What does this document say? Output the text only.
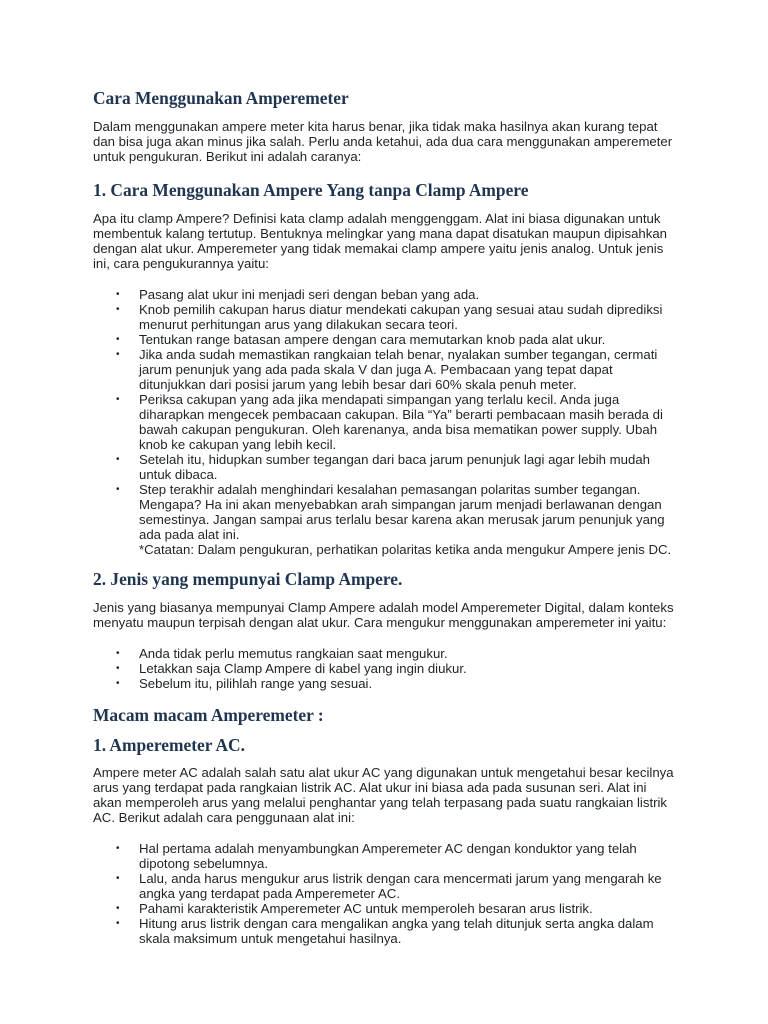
Cara Menggunakan Amperemeter

Dalam menggunakan ampere meter kita harus benar, jika tidak maka hasilnya akan kurang tepat dan bisa juga akan minus jika salah. Perlu anda ketahui, ada dua cara menggunakan amperemeter untuk pengukuran. Berikut ini adalah caranya:

1. Cara Menggunakan Ampere Yang tanpa Clamp Ampere

Apa itu clamp Ampere? Definisi kata clamp adalah menggenggam. Alat ini biasa digunakan untuk membentuk kalang tertutup. Bentuknya melingkar yang mana dapat disatukan maupun dipisahkan dengan alat ukur. Amperemeter yang tidak memakai clamp ampere yaitu jenis analog. Untuk jenis ini, cara pengukurannya yaitu:

• Pasang alat ukur ini menjadi seri dengan beban yang ada.
• Knob pemilih cakupan harus diatur mendekati cakupan yang sesuai atau sudah diprediksi menurut perhitungan arus yang dilakukan secara teori.
• Tentukan range batasan ampere dengan cara memutarkan knob pada alat ukur.
• Jika anda sudah memastikan rangkaian telah benar, nyalakan sumber tegangan, cermati jarum penunjuk yang ada pada skala V dan juga A. Pembacaan yang tepat dapat ditunjukkan dari posisi jarum yang lebih besar dari 60% skala penuh meter.
• Periksa cakupan yang ada jika mendapati simpangan yang terlalu kecil. Anda juga diharapkan mengecek pembacaan cakupan. Bila “Ya” berarti pembacaan masih berada di bawah cakupan pengukuran. Oleh karenanya, anda bisa mematikan power supply. Ubah knob ke cakupan yang lebih kecil.
• Setelah itu, hidupkan sumber tegangan dari baca jarum penunjuk lagi agar lebih mudah untuk dibaca.
• Step terakhir adalah menghindari kesalahan pemasangan polaritas sumber tegangan. Mengapa? Ha ini akan menyebabkan arah simpangan jarum menjadi berlawanan dengan semestinya. Jangan sampai arus terlalu besar karena akan merusak jarum penunjuk yang ada pada alat ini.
*Catatan: Dalam pengukuran, perhatikan polaritas ketika anda mengukur Ampere jenis DC.
2. Jenis yang mempunyai Clamp Ampere.

Jenis yang biasanya mempunyai Clamp Ampere adalah model Amperemeter Digital, dalam konteks menyatu maupun terpisah dengan alat ukur. Cara mengukur menggunakan amperemeter ini yaitu:

• Anda tidak perlu memutus rangkaian saat mengukur.
• Letakkan saja Clamp Ampere di kabel yang ingin diukur.
• Sebelum itu, pilihlah range yang sesuai.
Macam macam Amperemeter :
1. Amperemeter AC.

Ampere meter AC adalah salah satu alat ukur AC yang digunakan untuk mengetahui besar kecilnya arus yang terdapat pada rangkaian listrik AC. Alat ukur ini biasa ada pada susunan seri. Alat ini akan memperoleh arus yang melalui penghantar yang telah terpasang pada suatu rangkaian listrik AC. Berikut adalah cara penggunaan alat ini:

• Hal pertama adalah menyambungkan Amperemeter AC dengan konduktor yang telah dipotong sebelumnya.
• Lalu, anda harus mengukur arus listrik dengan cara mencermati jarum yang mengarah ke angka yang terdapat pada Amperemeter AC.
• Pahami karakteristik Amperemeter AC untuk memperoleh besaran arus listrik.
• Hitung arus listrik dengan cara mengalikan angka yang telah ditunjuk serta angka dalam skala maksimum untuk mengetahui hasilnya.
